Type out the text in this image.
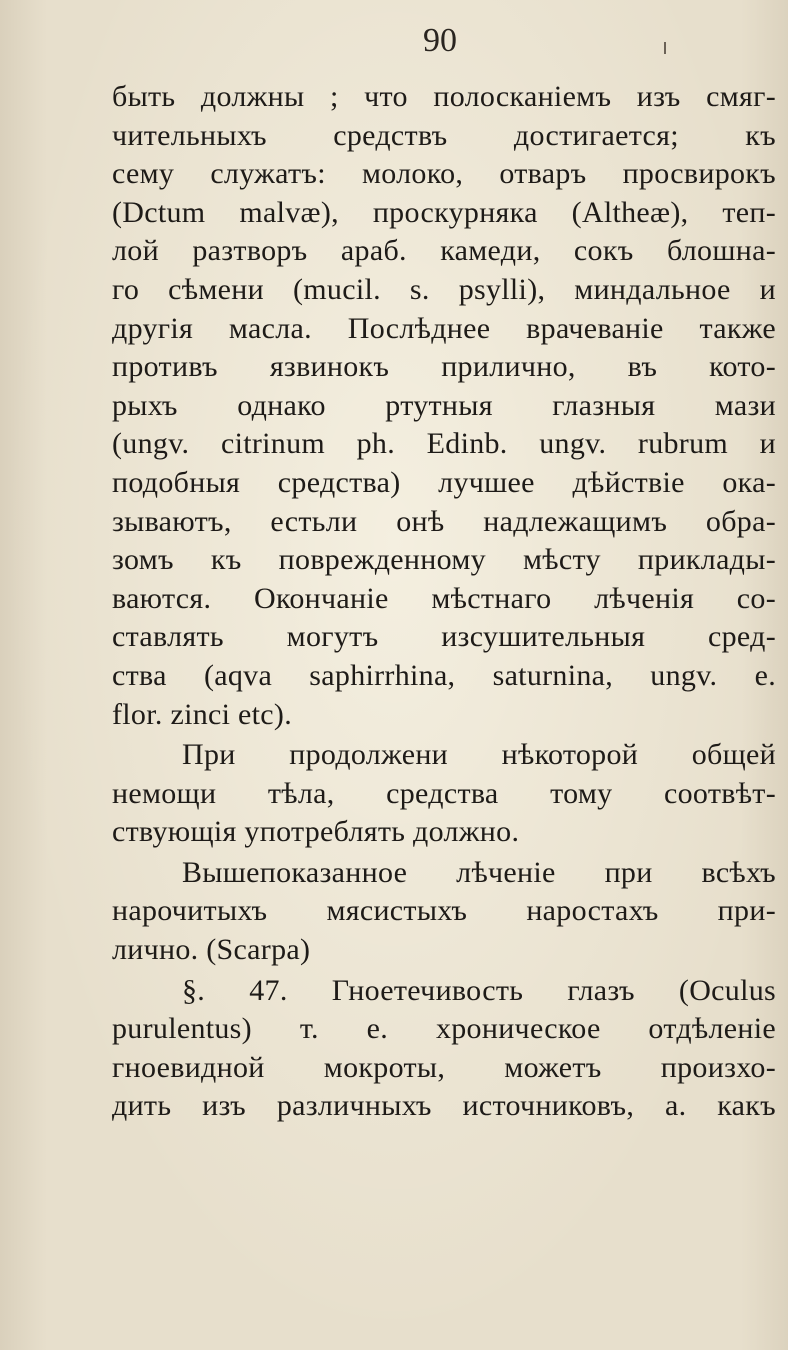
90
быть должны ; что полосканіемъ изъ смяг-
чительныхъ средствъ достигается; къ
сему служатъ: молоко, отваръ просвирокъ
(Dctum malvæ), проскурняка (Altheæ), теп-
лой разтворъ араб. камеди, сокъ блошна-
го сѣмени (mucil. s. psylli), миндальное и
другія масла. Послѣднее врачеваніе также
противъ язвинокъ прилично, въ кото-
рыхъ однако ртутныя глазныя мази
(ungv. citrinum ph. Edinb. ungv. rubrum и
подобныя средства) лучшее дѣйствіе ока-
зываютъ, естьли онѣ надлежащимъ обра-
зомъ къ поврежденному мѣсту приклады-
ваются. Окончаніе мѣстнаго лѣченія со-
ставлять могутъ изсушительныя сред-
ства (aqva saphirrhina, saturnina, ungv. e.
flor. zinci etc).
При продолжени нѣкоторой общей
немощи тѣла, средства тому соотвѣт-
ствующія употреблять должно.
Вышепоказанное лѣченіе при всѣхъ
нарочитыхъ мясистыхъ наростахъ при-
лично. (Scarpa)
§. 47. Гноетечивость глазъ (Oculus
purulentus) т. е. хроническое отдѣленіе
гноевидной мокроты, можетъ произхо-
дить изъ различныхъ источниковъ, а. какъ
